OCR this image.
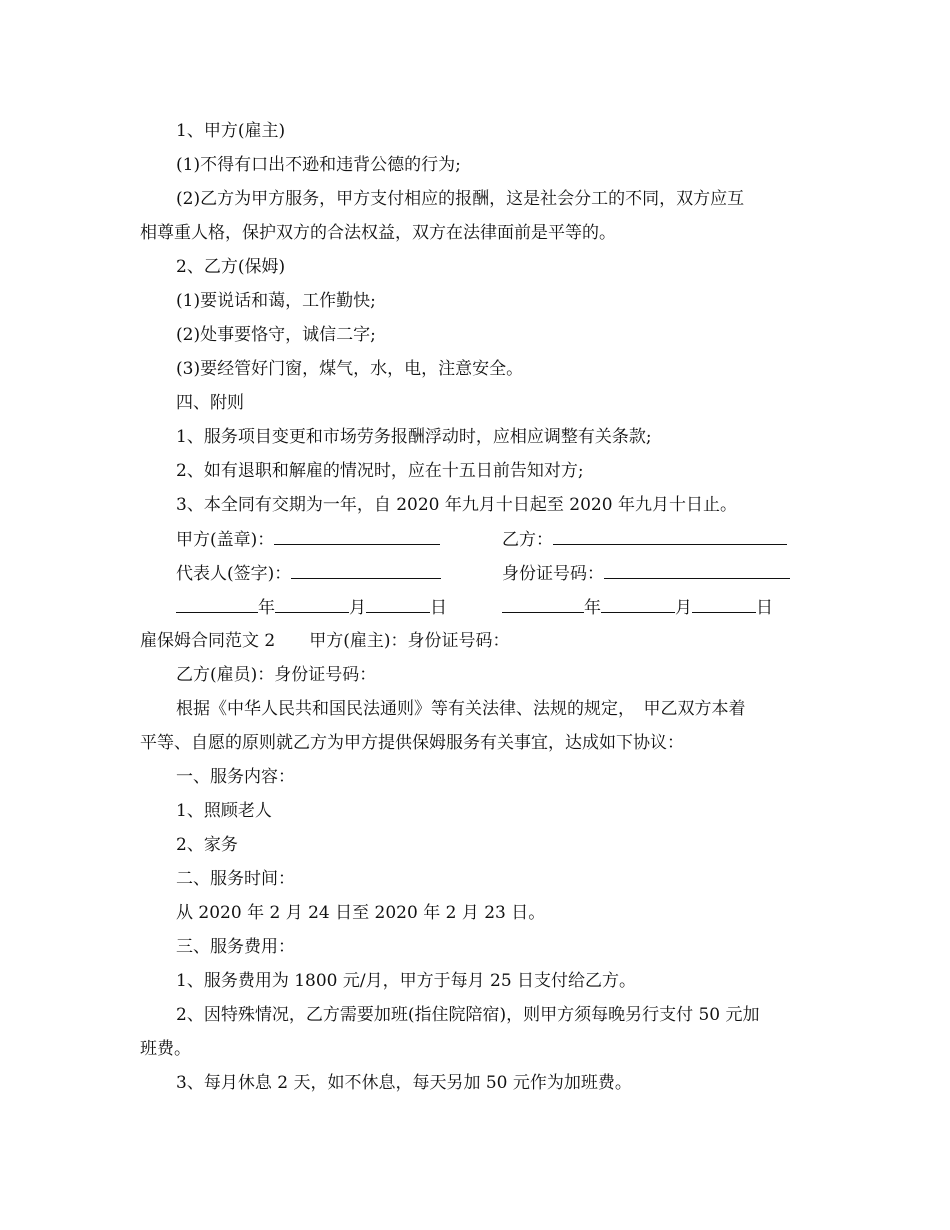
1、甲方(雇主)
(1)不得有口出不逊和违背公德的行为;
(2)乙方为甲方服务，甲方支付相应的报酬，这是社会分工的不同，双方应互
相尊重人格，保护双方的合法权益，双方在法律面前是平等的。
2、乙方(保姆)
(1)要说话和蔼，工作勤快;
(2)处事要恪守，诚信二字;
(3)要经管好门窗，煤气，水，电，注意安全。
四、附则
1、服务项目变更和市场劳务报酬浮动时，应相应调整有关条款;
2、如有退职和解雇的情况时，应在十五日前告知对方;
3、本全同有交期为一年，自 2020 年九月十日起至 2020 年九月十日止。
甲方(盖章)：	乙方：
代表人(签字)：	身份证号码：
年	月	日	年	月	日
雇保姆合同范文 2　　甲方(雇主)：身份证号码：
乙方(雇员)：身份证号码：
根据《中华人民共和国民法通则》等有关法律、法规的规定，　甲乙双方本着
平等、自愿的原则就乙方为甲方提供保姆服务有关事宜，达成如下协议：
一、服务内容：
1、照顾老人
2、家务
二、服务时间：
从 2020 年 2 月 24 日至 2020 年 2 月 23 日。
三、服务费用：
1、服务费用为 1800 元/月，甲方于每月 25 日支付给乙方。
2、因特殊情况，乙方需要加班(指住院陪宿)，则甲方须每晚另行支付 50 元加
班费。
3、每月休息 2 天，如不休息，每天另加 50 元作为加班费。
